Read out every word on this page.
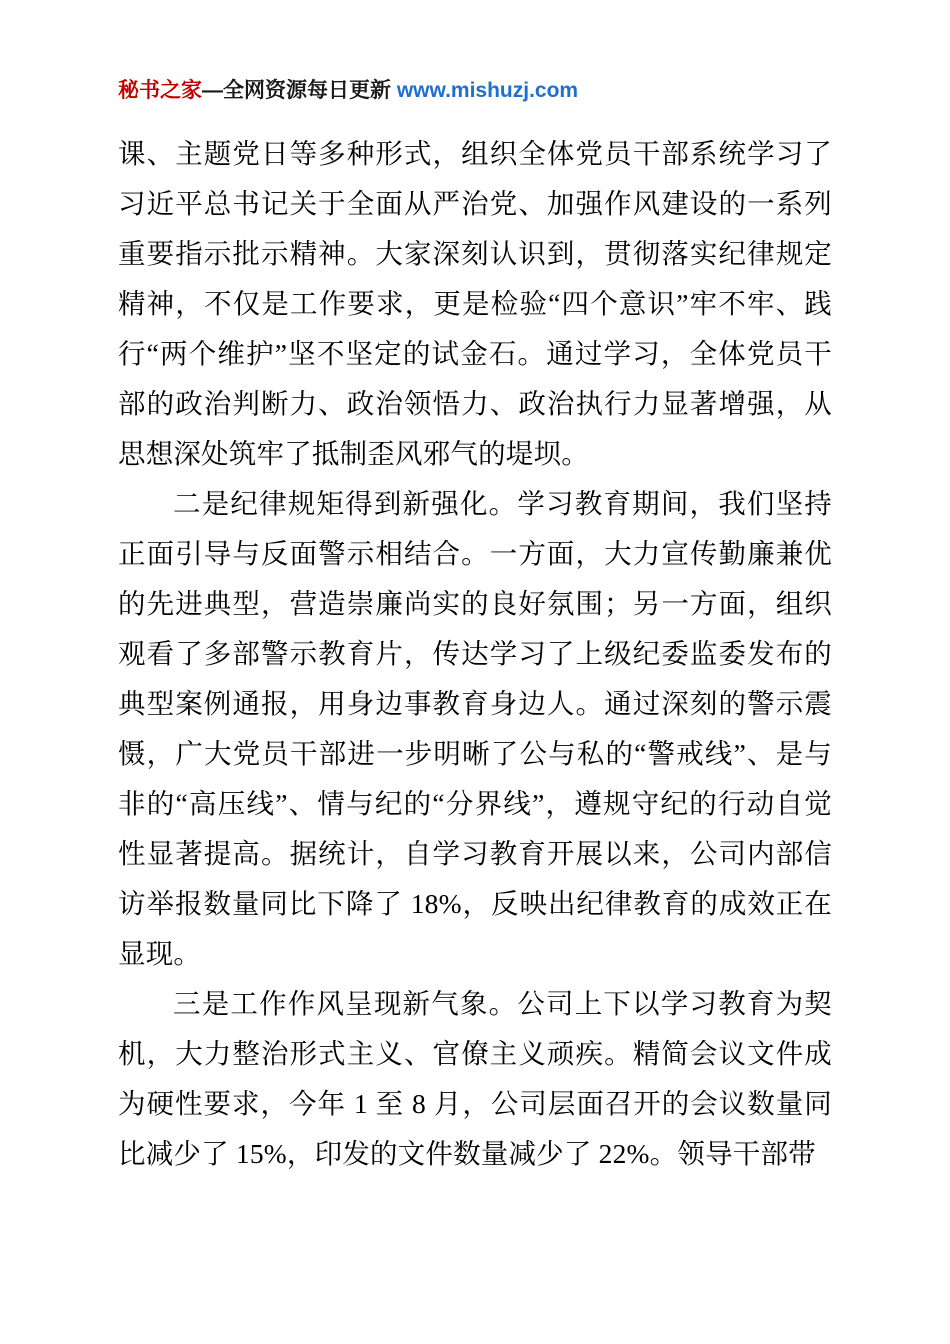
秘书之家—全网资源每日更新 www.mishuzj.com

课、主题党日等多种形式，组织全体党员干部系统学习了习近平总书记关于全面从严治党、加强作风建设的一系列重要指示批示精神。大家深刻认识到，贯彻落实纪律规定精神，不仅是工作要求，更是检验“四个意识”牢不牢、践行“两个维护”坚不坚定的试金石。通过学习，全体党员干部的政治判断力、政治领悟力、政治执行力显著增强，从思想深处筑牢了抵制歪风邪气的堤坝。

二是纪律规矩得到新强化。学习教育期间，我们坚持正面引导与反面警示相结合。一方面，大力宣传勤廉兼优的先进典型，营造崇廉尚实的良好氛围；另一方面，组织观看了多部警示教育片，传达学习了上级纪委监委发布的典型案例通报，用身边事教育身边人。通过深刻的警示震慑，广大党员干部进一步明晰了公与私的“警戒线”、是与非的“高压线”、情与纪的“分界线”，遵规守纪的行动自觉性显著提高。据统计，自学习教育开展以来，公司内部信访举报数量同比下降了 18%，反映出纪律教育的成效正在显现。

三是工作作风呈现新气象。公司上下以学习教育为契机，大力整治形式主义、官僚主义顽疾。精简会议文件成为硬性要求，今年 1 至 8 月，公司层面召开的会议数量同比减少了 15%，印发的文件数量减少了 22%。领导干部带
